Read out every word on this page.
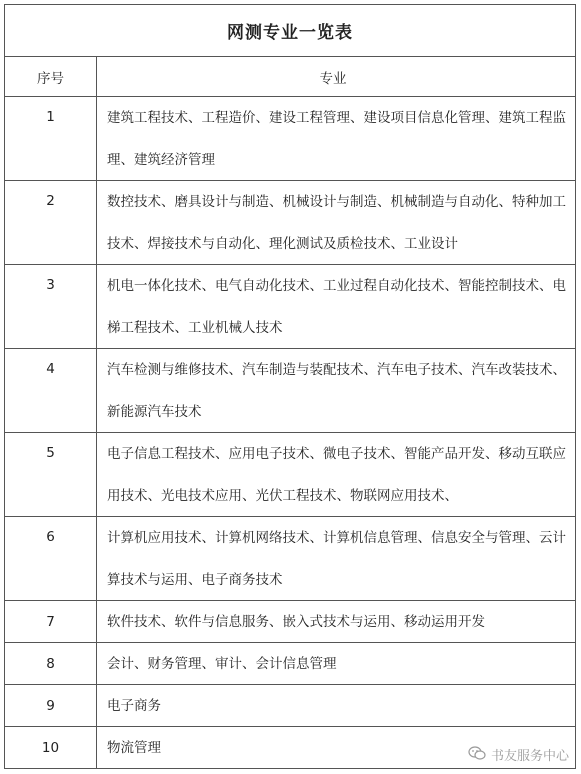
网测专业一览表
序号	专业
1	建筑工程技术、工程造价、建设工程管理、建设项目信息化管理、建筑工程监理、建筑经济管理
2	数控技术、磨具设计与制造、机械设计与制造、机械制造与自动化、特种加工技术、焊接技术与自动化、理化测试及质检技术、工业设计
3	机电一体化技术、电气自动化技术、工业过程自动化技术、智能控制技术、电梯工程技术、工业机械人技术
4	汽车检测与维修技术、汽车制造与装配技术、汽车电子技术、汽车改装技术、新能源汽车技术
5	电子信息工程技术、应用电子技术、微电子技术、智能产品开发、移动互联应用技术、光电技术应用、光伏工程技术、物联网应用技术、
6	计算机应用技术、计算机网络技术、计算机信息管理、信息安全与管理、云计算技术与运用、电子商务技术
7	软件技术、软件与信息服务、嵌入式技术与运用、移动运用开发
8	会计、财务管理、审计、会计信息管理
9	电子商务
10	物流管理
书友服务中心
